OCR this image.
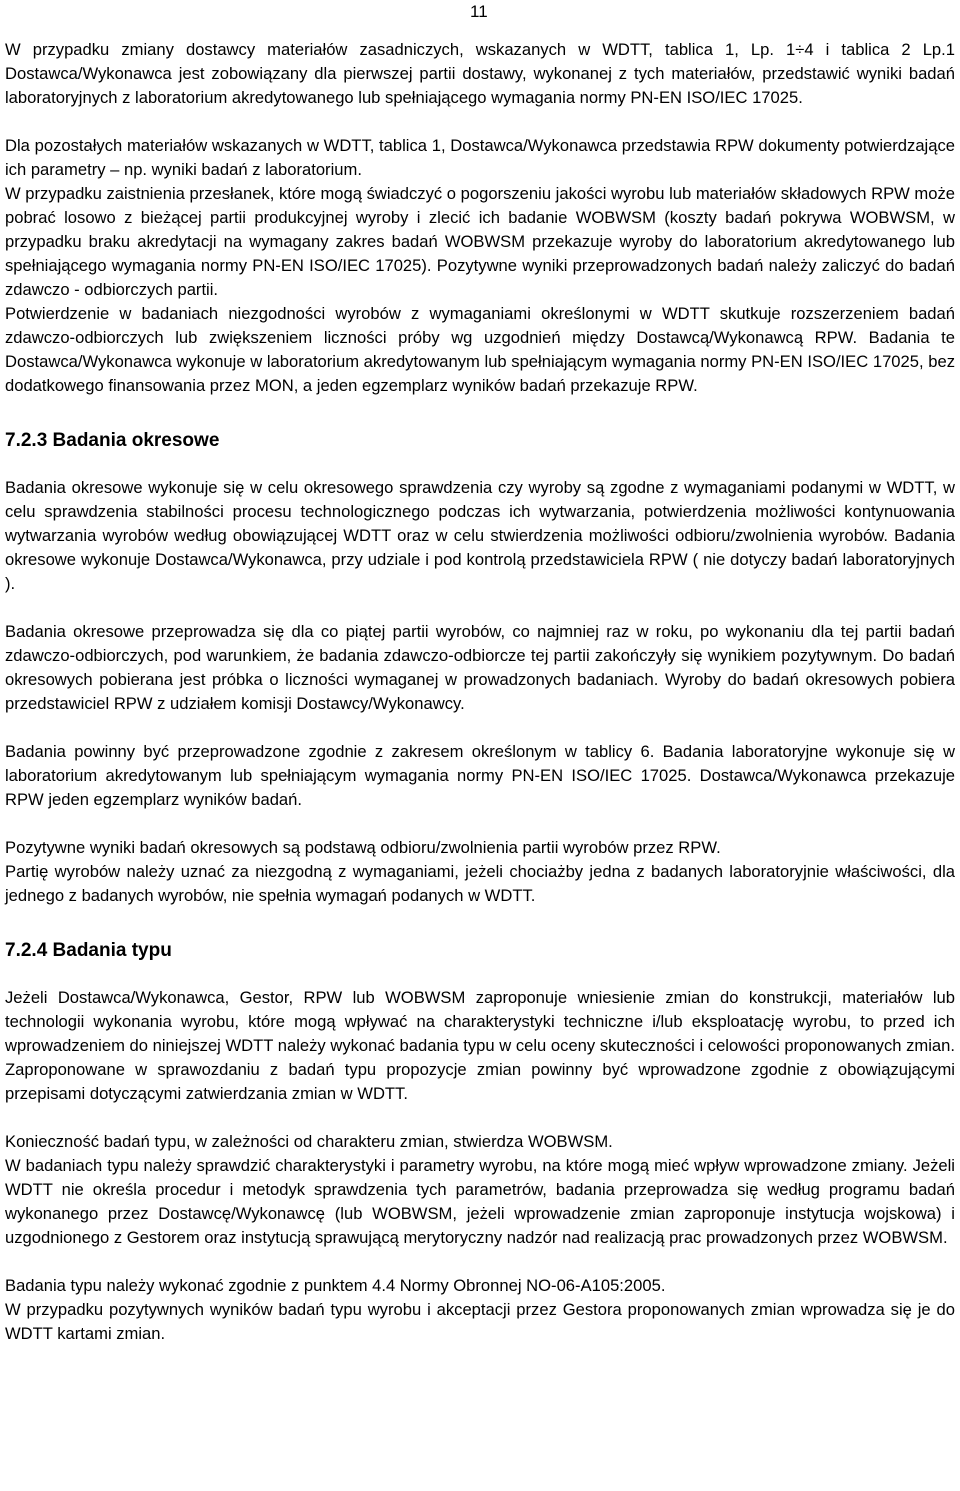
11

W przypadku zmiany dostawcy materiałów zasadniczych, wskazanych w WDTT, tablica 1, Lp. 1÷4 i tablica 2 Lp.1 Dostawca/Wykonawca jest zobowiązany dla pierwszej partii dostawy, wykonanej z tych materiałów, przedstawić wyniki badań laboratoryjnych z laboratorium akredytowanego lub spełniającego wymagania normy PN-EN ISO/IEC 17025.

Dla pozostałych materiałów wskazanych w WDTT, tablica 1, Dostawca/Wykonawca przedstawia RPW dokumenty potwierdzające ich parametry – np. wyniki badań z laboratorium.

W przypadku zaistnienia przesłanek, które mogą świadczyć o pogorszeniu jakości wyrobu lub materiałów składowych RPW może pobrać losowo z bieżącej partii produkcyjnej wyroby i zlecić ich badanie WOBWSM (koszty badań pokrywa WOBWSM, w przypadku braku akredytacji na wymagany zakres badań WOBWSM przekazuje wyroby do laboratorium akredytowanego lub spełniającego wymagania normy PN-EN ISO/IEC 17025). Pozytywne wyniki przeprowadzonych badań należy zaliczyć do badań zdawczo - odbiorczych partii.

Potwierdzenie w badaniach niezgodności wyrobów z wymaganiami określonymi w WDTT skutkuje rozszerzeniem badań zdawczo-odbiorczych lub zwiększeniem liczności próby wg uzgodnień między Dostawcą/Wykonawcą RPW. Badania te Dostawca/Wykonawca wykonuje w laboratorium akredytowanym lub spełniającym wymagania normy PN-EN ISO/IEC 17025, bez dodatkowego finansowania przez MON, a jeden egzemplarz wyników badań przekazuje RPW.

7.2.3 Badania okresowe

Badania okresowe wykonuje się w celu okresowego sprawdzenia czy wyroby są zgodne z wymaganiami podanymi w WDTT, w celu sprawdzenia stabilności procesu technologicznego podczas ich wytwarzania, potwierdzenia możliwości kontynuowania wytwarzania wyrobów według obowiązującej WDTT oraz w celu stwierdzenia możliwości odbioru/zwolnienia wyrobów. Badania okresowe wykonuje Dostawca/Wykonawca, przy udziale i pod kontrolą przedstawiciela RPW ( nie dotyczy badań laboratoryjnych ).

Badania okresowe przeprowadza się dla co piątej partii wyrobów, co najmniej raz w roku, po wykonaniu dla tej partii badań zdawczo-odbiorczych, pod warunkiem, że badania zdawczo-odbiorcze tej partii zakończyły się wynikiem pozytywnym. Do badań okresowych pobierana jest próbka o liczności wymaganej w prowadzonych badaniach. Wyroby do badań okresowych pobiera przedstawiciel RPW z udziałem komisji Dostawcy/Wykonawcy.

Badania powinny być przeprowadzone zgodnie z zakresem określonym w tablicy 6. Badania laboratoryjne wykonuje się w laboratorium akredytowanym lub spełniającym wymagania normy PN-EN ISO/IEC 17025. Dostawca/Wykonawca przekazuje RPW jeden egzemplarz wyników badań.

Pozytywne wyniki badań okresowych są podstawą odbioru/zwolnienia partii wyrobów przez RPW.

Partię wyrobów należy uznać za niezgodną z wymaganiami, jeżeli chociażby jedna z badanych laboratoryjnie właściwości, dla jednego z badanych wyrobów, nie spełnia wymagań podanych w WDTT.

7.2.4 Badania typu

Jeżeli Dostawca/Wykonawca, Gestor, RPW lub WOBWSM zaproponuje wniesienie zmian do konstrukcji, materiałów lub technologii wykonania wyrobu, które mogą wpływać na charakterystyki techniczne i/lub eksploatację wyrobu, to przed ich wprowadzeniem do niniejszej WDTT należy wykonać badania typu w celu oceny skuteczności i celowości proponowanych zmian. Zaproponowane w sprawozdaniu z badań typu propozycje zmian powinny być wprowadzone zgodnie z obowiązującymi przepisami dotyczącymi zatwierdzania zmian w WDTT.

Konieczność badań typu, w zależności od charakteru zmian, stwierdza WOBWSM.

W badaniach typu należy sprawdzić charakterystyki i parametry wyrobu, na które mogą mieć wpływ wprowadzone zmiany. Jeżeli WDTT nie określa procedur i metodyk sprawdzenia tych parametrów, badania przeprowadza się według programu badań wykonanego przez Dostawcę/Wykonawcę (lub WOBWSM, jeżeli wprowadzenie zmian zaproponuje instytucja wojskowa) i uzgodnionego z Gestorem oraz instytucją sprawującą merytoryczny nadzór nad realizacją prac prowadzonych przez WOBWSM.

Badania typu należy wykonać zgodnie z punktem 4.4 Normy Obronnej NO-06-A105:2005.

W przypadku pozytywnych wyników badań typu wyrobu i akceptacji przez Gestora proponowanych zmian wprowadza się je do WDTT kartami zmian.
